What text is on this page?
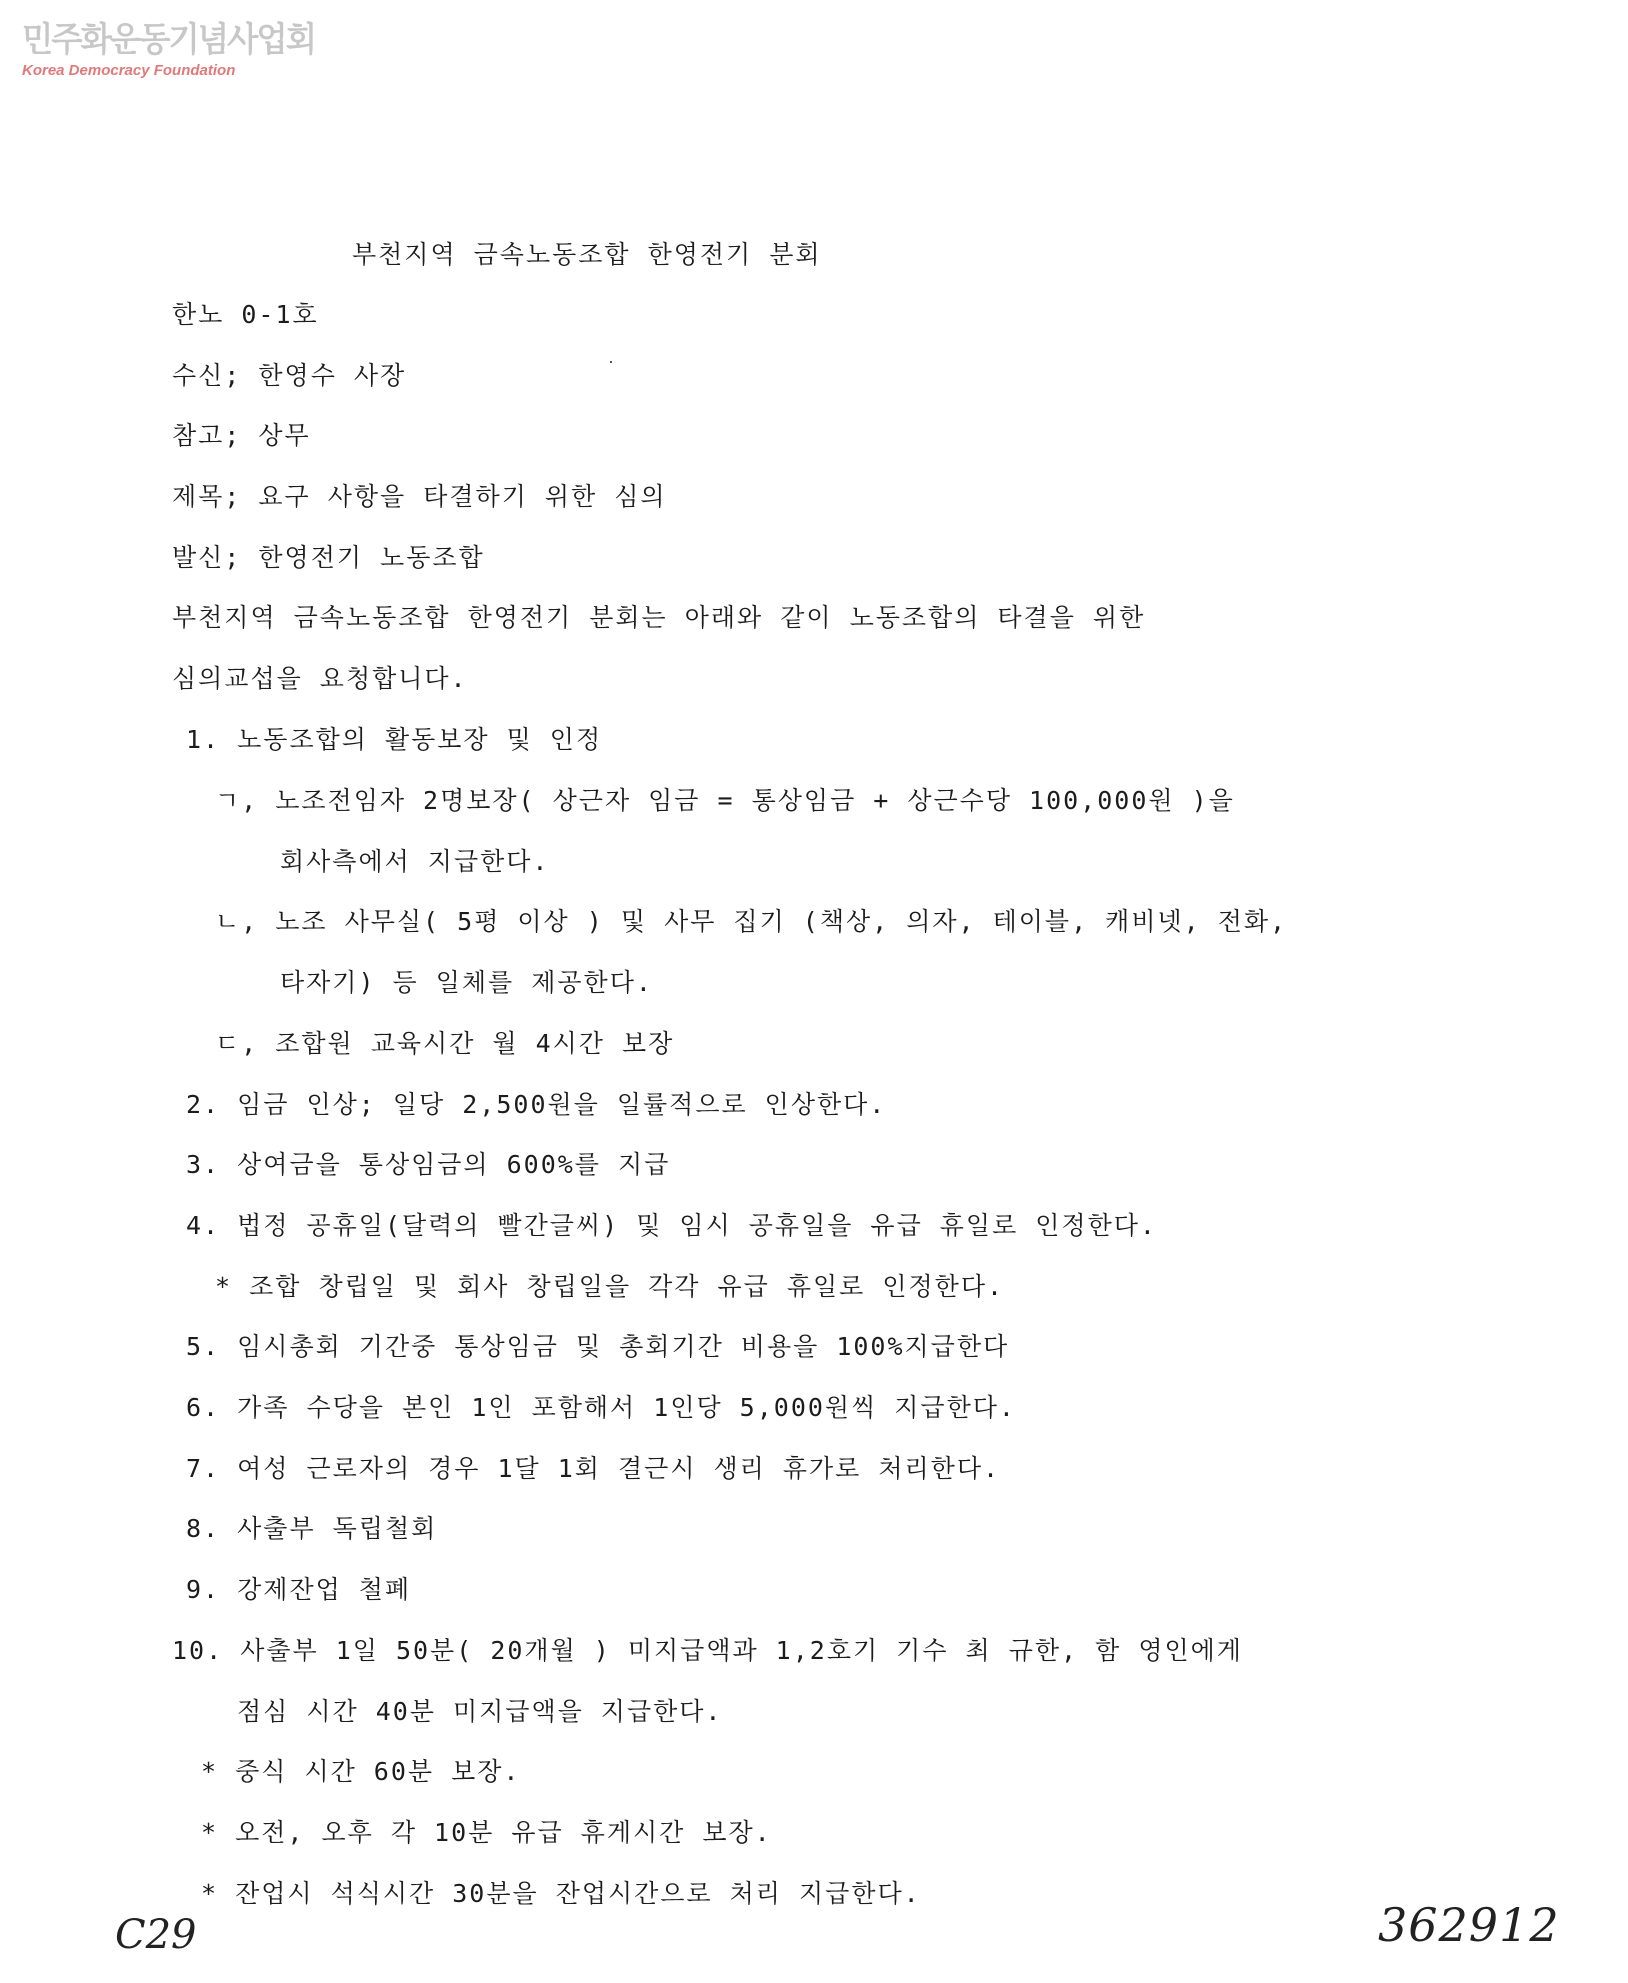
민주화운동기념사업회
Korea Democracy Foundation
부천지역 금속노동조합 한영전기 분회
한노 0-1호
수신; 한영수 사장
참고; 상무
제목; 요구 사항을 타결하기 위한 심의
발신; 한영전기 노동조합
부천지역 금속노동조합 한영전기 분회는 아래와 같이 노동조합의 타결을 위한
심의교섭을 요청합니다.
1. 노동조합의 활동보장 및 인정
ㄱ, 노조전임자 2명보장( 상근자 임금 = 통상임금 + 상근수당 100,000원 )을
회사측에서 지급한다.
ㄴ, 노조 사무실( 5평 이상 ) 및 사무 집기 (책상, 의자, 테이블, 캐비넷, 전화,
타자기) 등 일체를 제공한다.
ㄷ, 조합원 교육시간 월 4시간 보장
2. 임금 인상; 일당 2,500원을 일률적으로 인상한다.
3. 상여금을 통상임금의 600%를 지급
4. 법정 공휴일(달력의 빨간글씨) 및 임시 공휴일을 유급 휴일로 인정한다.
* 조합 창립일 및 회사 창립일을 각각 유급 휴일로 인정한다.
5. 임시총회 기간중 통상임금 및 총회기간 비용을 100%지급한다
6. 가족 수당을 본인 1인 포함해서 1인당 5,000원씩 지급한다.
7. 여성 근로자의 경우 1달 1회 결근시 생리 휴가로 처리한다.
8. 사출부 독립철회
9. 강제잔업 철폐
10. 사출부 1일 50분( 20개월 ) 미지급액과 1,2호기 기수 최 규한, 함 영인에게
점심 시간 40분 미지급액을 지급한다.
* 중식 시간 60분 보장.
* 오전, 오후 각 10분 유급 휴게시간 보장.
* 잔업시 석식시간 30분을 잔업시간으로 처리 지급한다.
C29	362912
